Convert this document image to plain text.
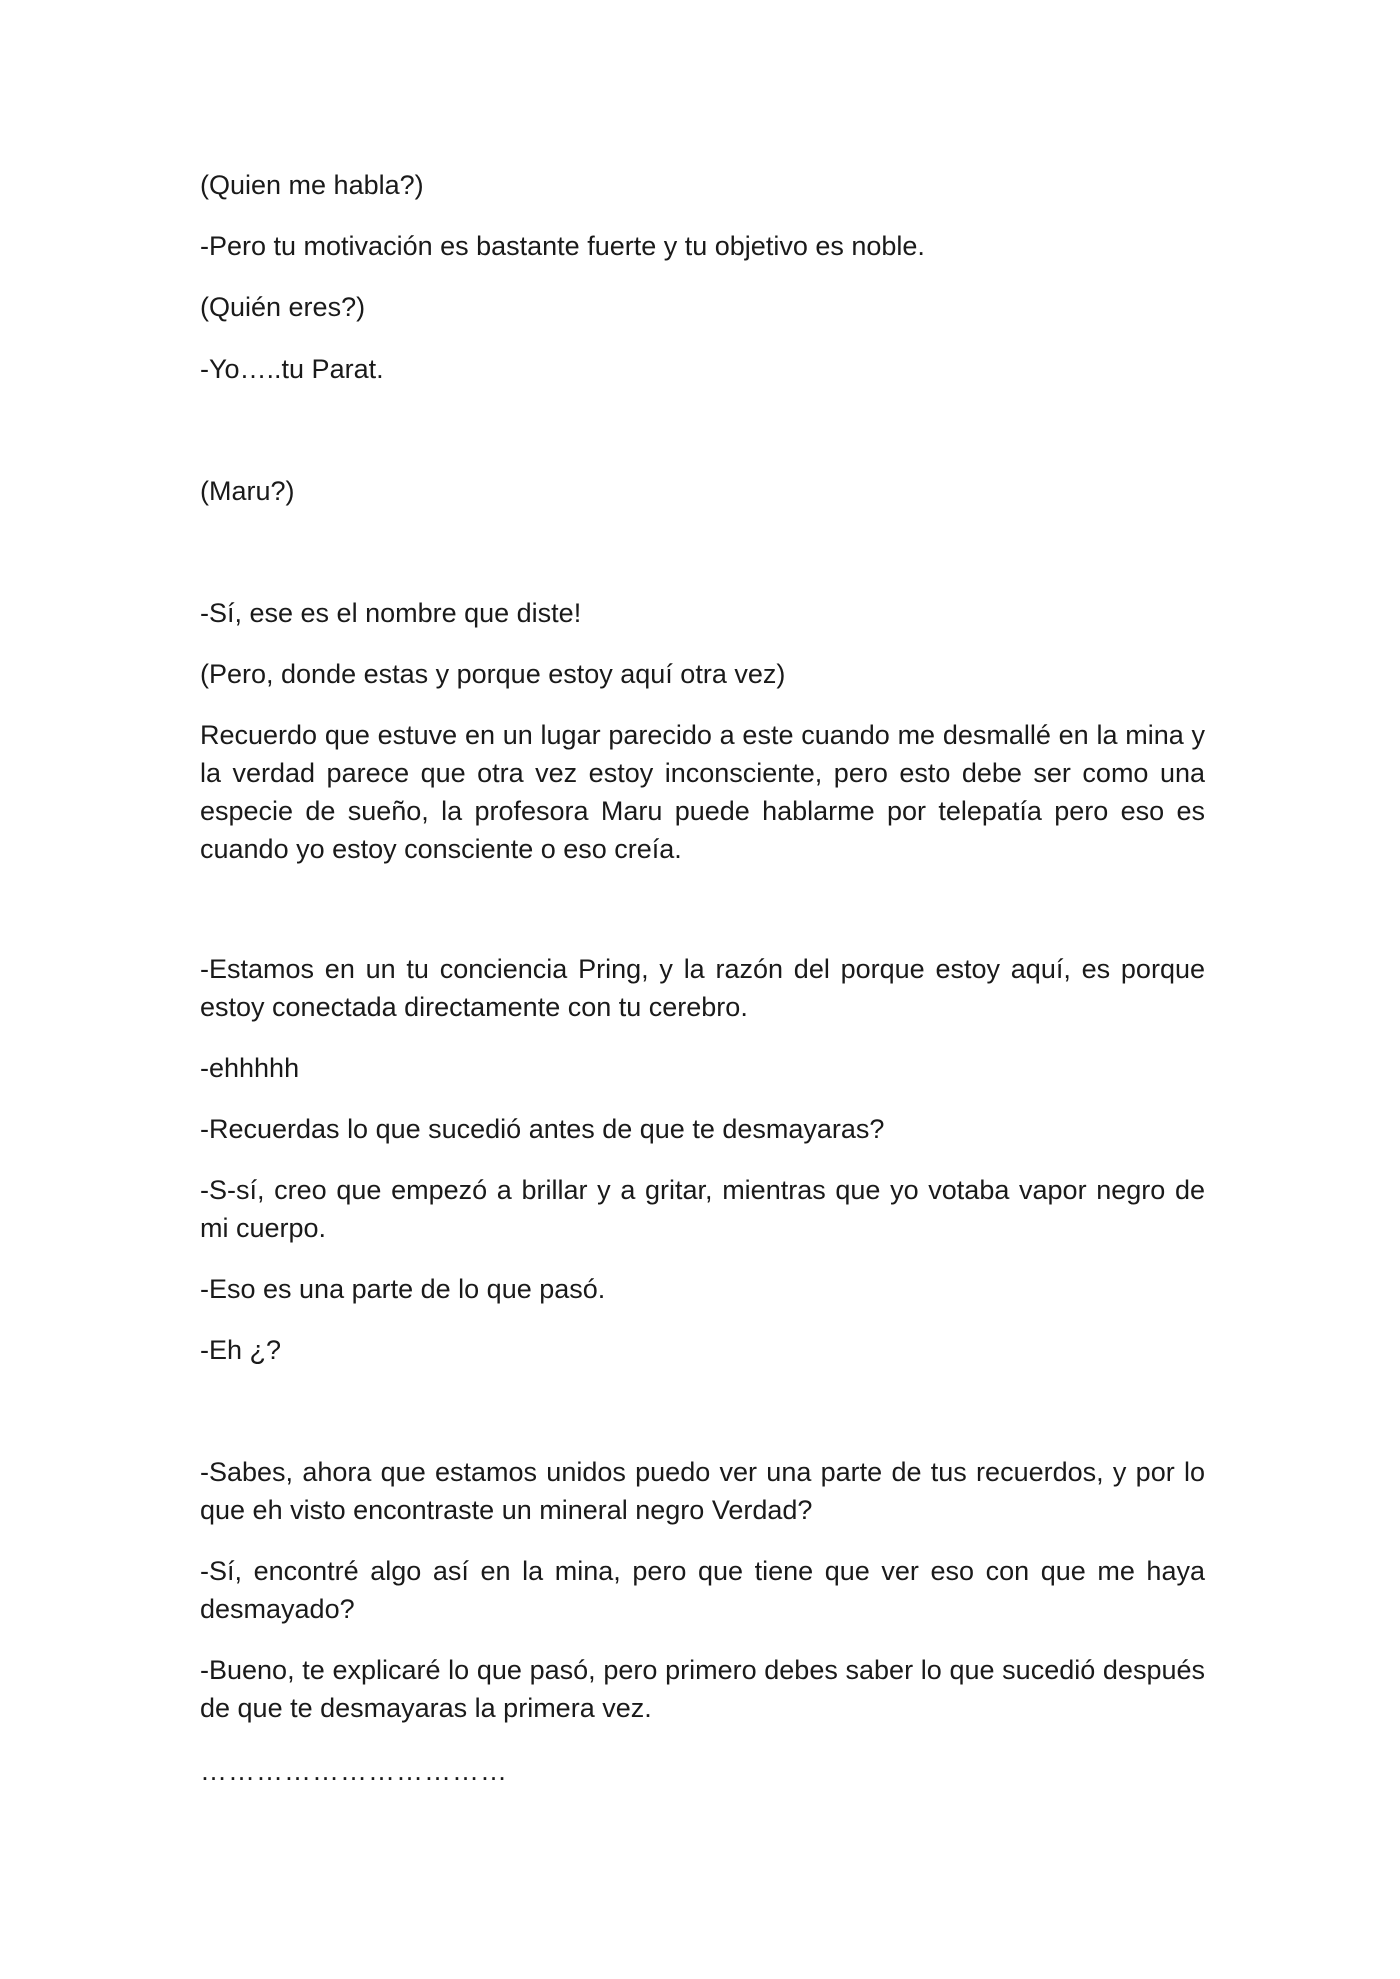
(Quien me habla?)

-Pero tu motivación es bastante fuerte y tu objetivo es noble.

(Quién eres?)

-Yo…..tu Parat.

(Maru?)

-Sí, ese es el nombre que diste!

(Pero, donde estas y porque estoy aquí otra vez)

Recuerdo que estuve en un lugar parecido a este cuando me desmallé en la mina y la verdad parece que otra vez estoy inconsciente, pero esto debe ser como una especie de sueño, la profesora Maru puede hablarme por telepatía pero eso es cuando yo estoy consciente o eso creía.

-Estamos en un tu conciencia Pring, y la razón del porque estoy aquí, es porque estoy conectada directamente con tu cerebro.

-ehhhhh

-Recuerdas lo que sucedió antes de que te desmayaras?

-S-sí, creo que empezó a brillar y a gritar, mientras que yo votaba vapor negro de mi cuerpo.

-Eso es una parte de lo que pasó.

-Eh ¿?

-Sabes, ahora que estamos unidos puedo ver una parte de tus recuerdos, y por lo que eh visto encontraste un mineral negro Verdad?

-Sí, encontré algo así en la mina, pero que tiene que ver eso con que me haya desmayado?

-Bueno, te explicaré lo que pasó, pero primero debes saber lo que sucedió después de que te desmayaras la primera vez.

……………………………
